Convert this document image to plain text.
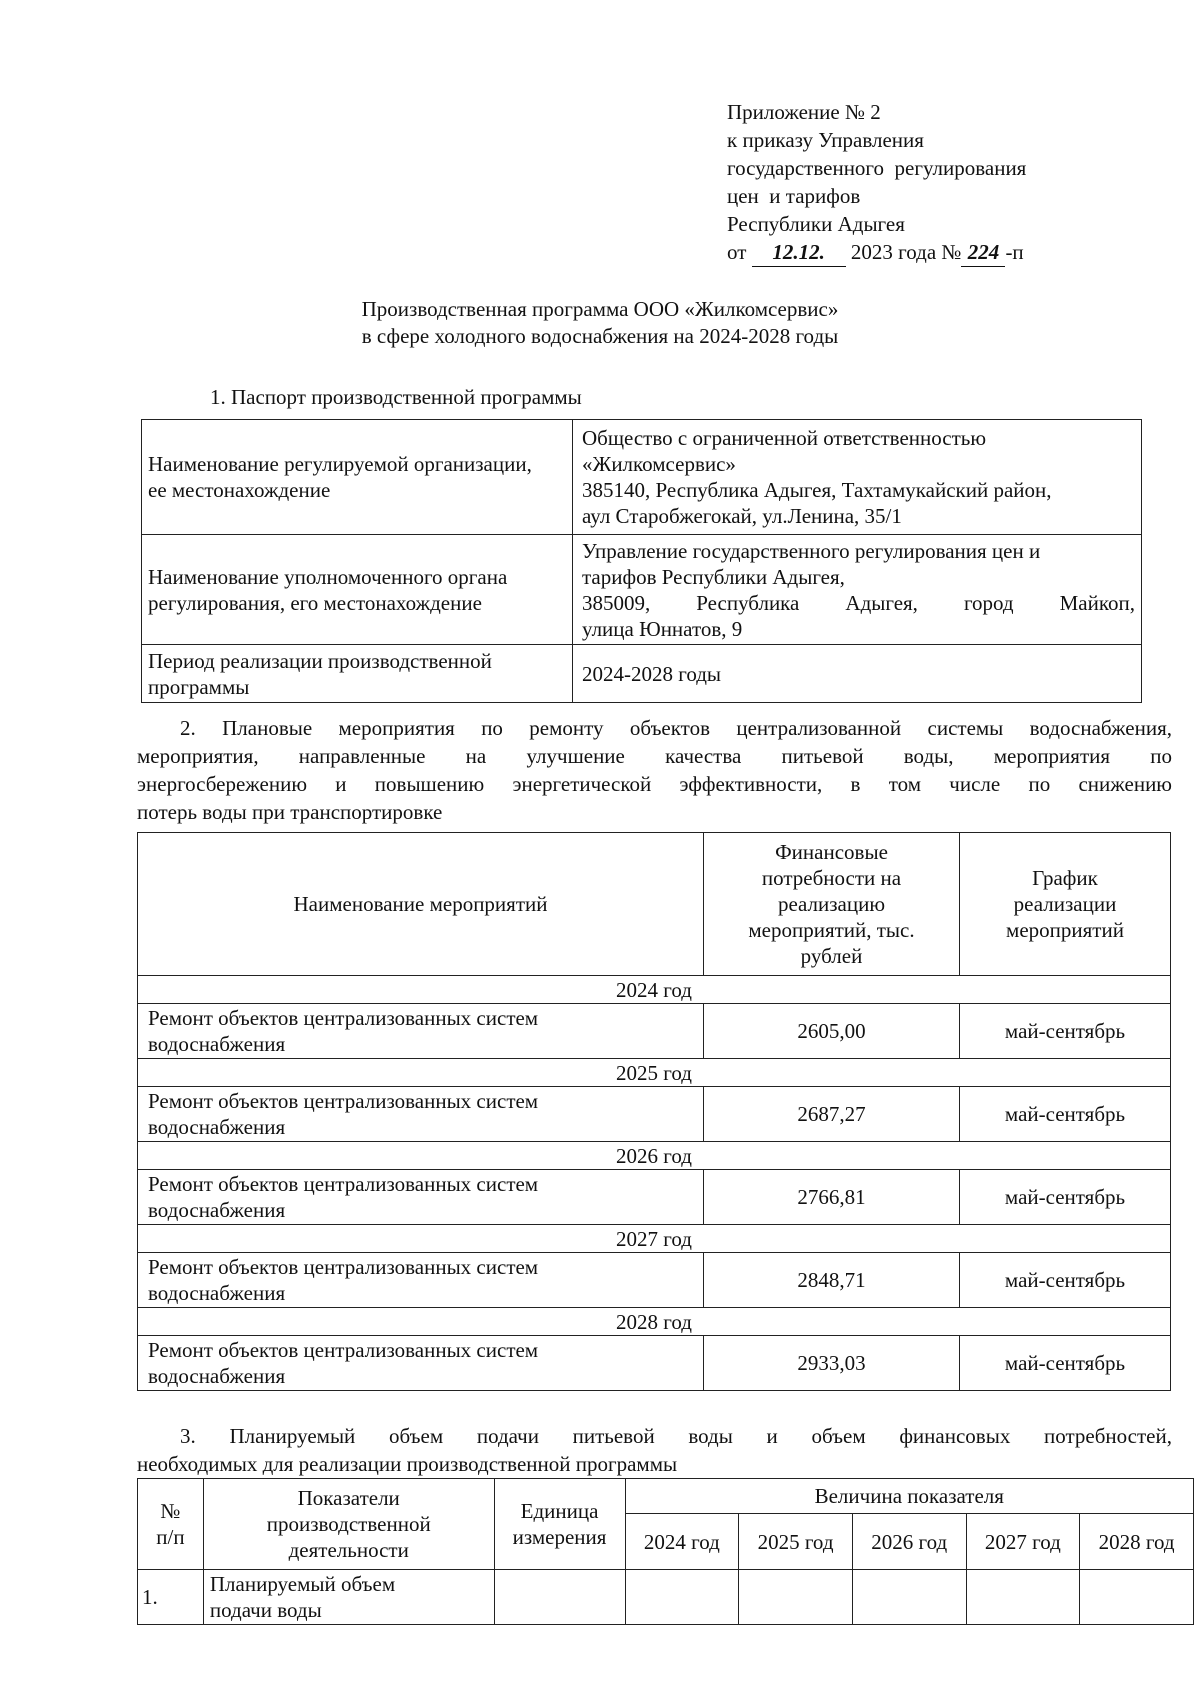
Приложение № 2
к приказу Управления
государственного  регулирования
цен  и тарифов
Республики Адыгея
от 12.12. 2023 года № 224 -п
Производственная программа ООО «Жилкомсервис»
в сфере холодного водоснабжения на 2024-2028 годы
1. Паспорт производственной программы
Наименование регулируемой организации, ее местонахождение	Общество с ограниченной ответственностью
«Жилкомсервис»
385140, Республика Адыгея, Тахтамукайский район,
аул Старобжегокай, ул.Ленина, 35/1

Наименование уполномоченного органа регулирования, его местонахождение	Управление государственного регулирования цен и
тарифов Республики Адыгея,
385009, Республика Адыгея, город Майкоп,
улица Юннатов, 9

Период реализации производственной программы	2024-2028 годы
2. Плановые мероприятия по ремонту объектов централизованной системы водоснабжения,
мероприятия, направленные на улучшение качества питьевой воды, мероприятия по
энергосбережению и повышению энергетической эффективности, в том числе по снижению
потерь воды при транспортировке
Наименование мероприятий	Финансовые потребности на реализацию мероприятий, тыс. рублей	График реализации мероприятий

2024 год		

Ремонт объектов централизованных систем водоснабжения	2605,00	май-сентябрь
2025 год		

Ремонт объектов централизованных систем водоснабжения	2687,27	май-сентябрь
2026 год		

Ремонт объектов централизованных систем водоснабжения	2766,81	май-сентябрь
2027 год		

Ремонт объектов централизованных систем водоснабжения	2848,71	май-сентябрь
2028 год		

Ремонт объектов централизованных систем водоснабжения	2933,03	май-сентябрь
3. Планируемый объем подачи питьевой воды и объем финансовых потребностей,
необходимых для реализации производственной программы
№ п/п	Показатели производственной деятельности	Единица измерения	Величина показателя				
			2024 год	2025 год	2026 год	2027 год	2028 год
1.	Планируемый объем подачи воды						
